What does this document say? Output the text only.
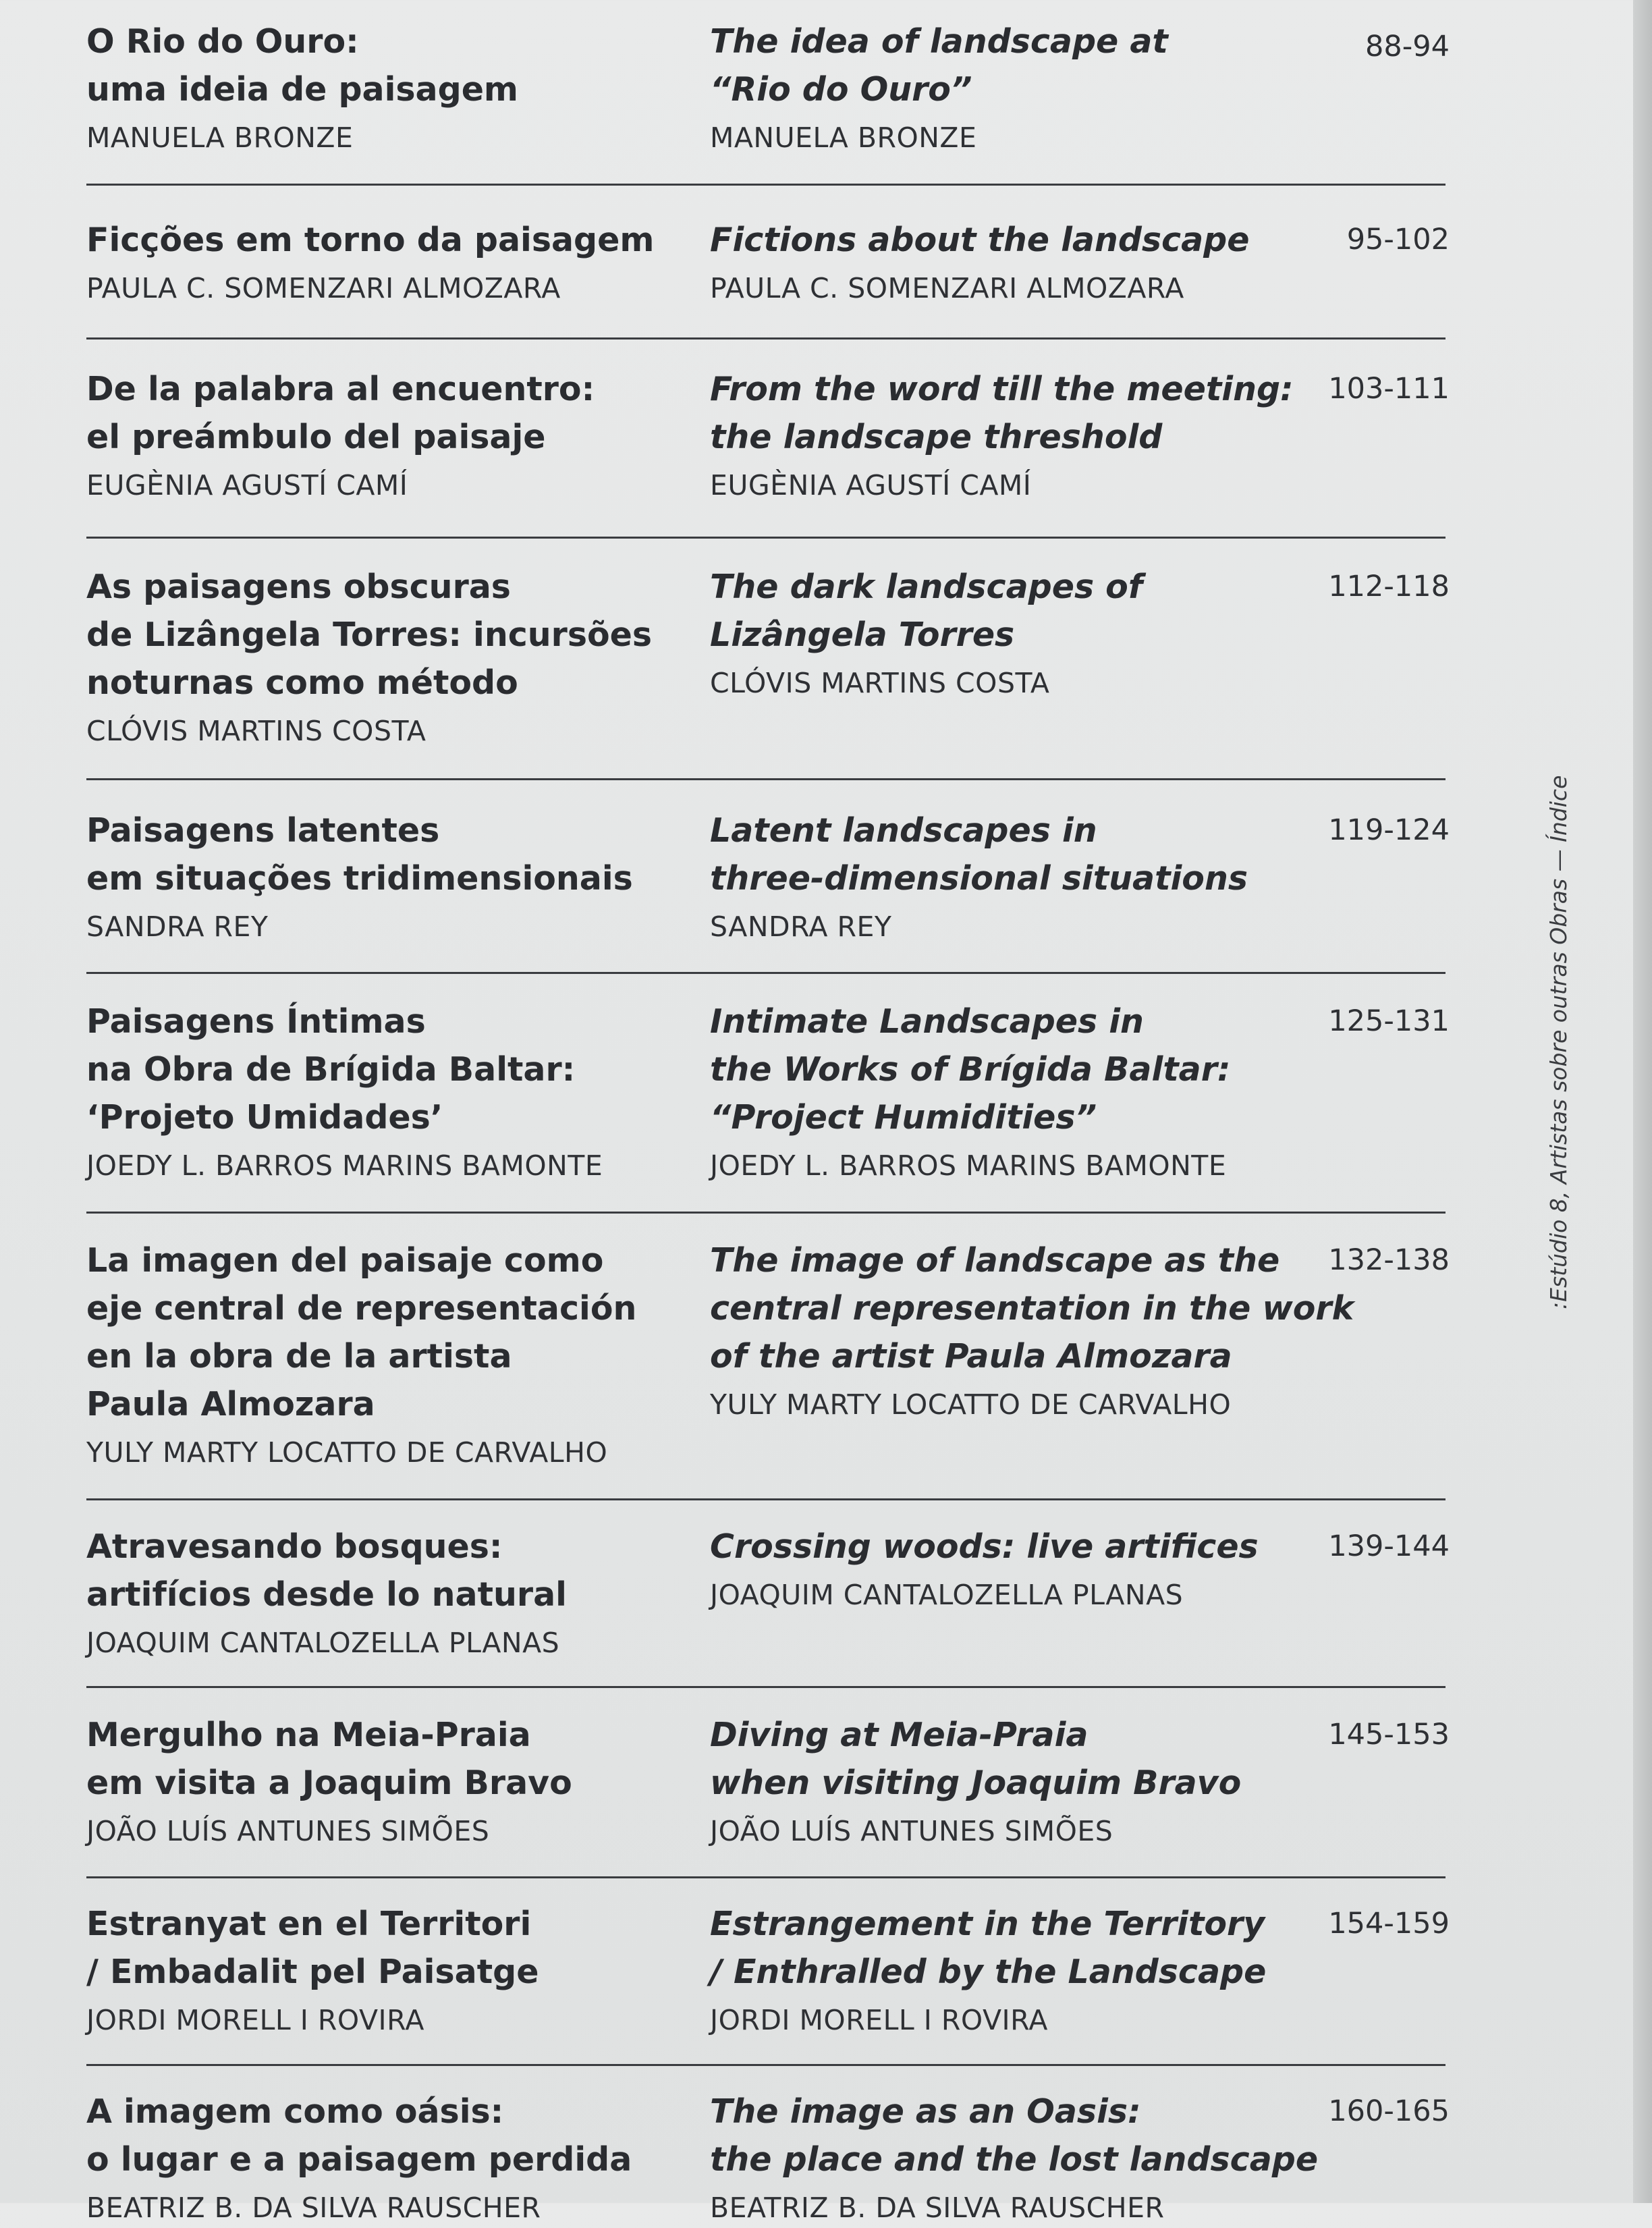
O Rio do Ouro:
uma ideia de paisagem
MANUELA BRONZE
The idea of landscape at
“Rio do Ouro”
MANUELA BRONZE
88-94
Ficções em torno da paisagem
PAULA C. SOMENZARI ALMOZARA
Fictions about the landscape
PAULA C. SOMENZARI ALMOZARA
95-102
De la palabra al encuentro:
el preámbulo del paisaje
EUGÈNIA AGUSTÍ CAMÍ
From the word till the meeting:
the landscape threshold
EUGÈNIA AGUSTÍ CAMÍ
103-111
As paisagens obscuras
de Lizângela Torres: incursões
noturnas como método
CLÓVIS MARTINS COSTA
The dark landscapes of
Lizângela Torres
CLÓVIS MARTINS COSTA
112-118
Paisagens latentes
em situações tridimensionais
SANDRA REY
Latent landscapes in
three-dimensional situations
SANDRA REY
119-124
Paisagens Íntimas
na Obra de Brígida Baltar:
‘Projeto Umidades’
JOEDY L. BARROS MARINS BAMONTE
Intimate Landscapes in
the Works of Brígida Baltar:
“Project Humidities”
JOEDY L. BARROS MARINS BAMONTE
125-131
La imagen del paisaje como
eje central de representación
en la obra de la artista
Paula Almozara
YULY MARTY LOCATTO DE CARVALHO
The image of landscape as the
central representation in the work
of the artist Paula Almozara
YULY MARTY LOCATTO DE CARVALHO
132-138
Atravesando bosques:
artifícios desde lo natural
JOAQUIM CANTALOZELLA PLANAS
Crossing woods: live artifices
JOAQUIM CANTALOZELLA PLANAS
139-144
Mergulho na Meia-Praia
em visita a Joaquim Bravo
JOÃO LUÍS ANTUNES SIMÕES
Diving at Meia-Praia
when visiting Joaquim Bravo
JOÃO LUÍS ANTUNES SIMÕES
145-153
Estranyat en el Territori
/ Embadalit pel Paisatge
JORDI MORELL I ROVIRA
Estrangement in the Territory
/ Enthralled by the Landscape
JORDI MORELL I ROVIRA
154-159
A imagem como oásis:
o lugar e a paisagem perdida
BEATRIZ B. DA SILVA RAUSCHER
The image as an Oasis:
the place and the lost landscape
BEATRIZ B. DA SILVA RAUSCHER
160-165
:Estúdio 8, Artistas sobre outras Obras — Índice
